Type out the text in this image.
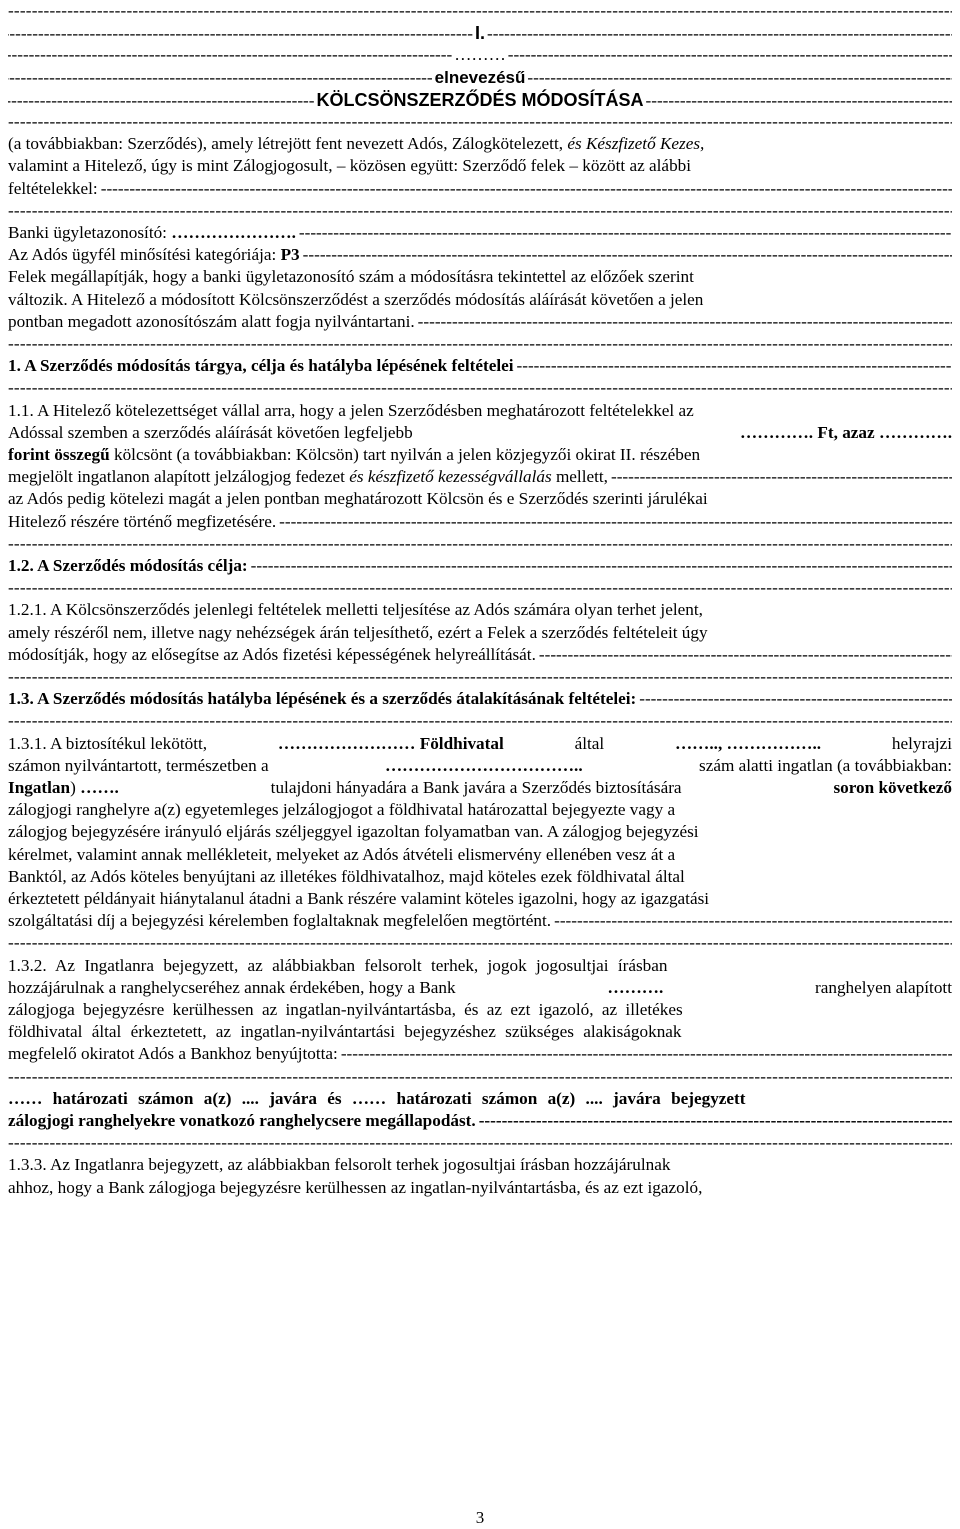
-----
-----
I.
-----
-----
………
-----
-----
elnevezésű
-----
-----
KÖLCSÖNSZERZŐDÉS MÓDOSÍTÁSA
-----
-----
(a továbbiakban: Szerződés), amely létrejött fent nevezett Adós, Zálogkötelezett, és Készfizető Kezes,
valamint a Hitelező, úgy is mint Zálogjogosult, – közösen együtt: Szerződő felek – között az alábbi
feltételekkel:
-----
-----
Banki ügyletazonosító: ………………….
-----
Az Adós ügyfél minősítési kategóriája: P3
-----
Felek megállapítják, hogy a banki ügyletazonosító szám a módosításra tekintettel az előzőek szerint
változik. A Hitelező a módosított Kölcsönszerződést a szerződés módosítás aláírását követően a jelen
pontban megadott azonosítószám alatt fogja nyilvántartani.
-----
-----
1. A Szerződés módosítás tárgya, célja és hatályba lépésének feltételei
-----
-----
1.1. A Hitelező kötelezettséget vállal arra, hogy a jelen Szerződésben meghatározott feltételekkel az
Adóssal szemben a szerződés aláírását követően legfeljebb	…………. Ft, azaz ………….
forint összegű kölcsönt (a továbbiakban: Kölcsön) tart nyilván a jelen közjegyzői okirat II. részében
megjelölt ingatlanon alapított jelzálogjog fedezet és készfizető kezességvállalás mellett,
-----
az Adós pedig kötelezi magát a jelen pontban meghatározott Kölcsön és e Szerződés szerinti járulékai
Hitelező részére történő megfizetésére.
-----
-----
1.2. A Szerződés módosítás célja:
-----
-----
1.2.1. A Kölcsönszerződés jelenlegi feltételek melletti teljesítése az Adós számára olyan terhet jelent,
amely részéről nem, illetve nagy nehézségek árán teljesíthető, ezért a Felek a szerződés feltételeit úgy
módosítják, hogy az elősegítse az Adós fizetési képességének helyreállítását.
-----
-----
1.3. A Szerződés módosítás hatályba lépésének és a szerződés átalakításának feltételei:
-----
-----
1.3.1. A biztosítékul lekötött,	…………………… Földhivatal	által	…….., ……………..	helyrajzi
számon nyilvántartott, természetben a	……………………………..	szám alatti ingatlan (a továbbiakban:
Ingatlan) …….	tulajdoni hányadára a Bank javára a Szerződés biztosítására	soron következő
zálogjogi ranghelyre a(z) egyetemleges jelzálogjogot a földhivatal határozattal bejegyezte vagy a
zálogjog bejegyzésére irányuló eljárás széljeggyel igazoltan folyamatban van. A zálogjog bejegyzési
kérelmet, valamint annak mellékleteit, melyeket az Adós átvételi elismervény ellenében vesz át a
Banktól, az Adós köteles benyújtani az illetékes földhivatalhoz, majd köteles ezek földhivatal által
érkeztetett példányait hiánytalanul átadni a Bank részére valamint köteles igazolni, hogy az igazgatási
szolgáltatási díj a bejegyzési kérelemben foglaltaknak megfelelően megtörtént.
-----
-----
1.3.2. Az Ingatlanra bejegyzett, az alábbiakban felsorolt terhek, jogok jogosultjai írásban
hozzájárulnak a ranghelycseréhez annak érdekében, hogy a Bank	……….	ranghelyen alapított
zálogjoga bejegyzésre kerülhessen az ingatlan-nyilvántartásba, és az ezt igazoló, az illetékes
földhivatal által érkeztetett, az ingatlan-nyilvántartási bejegyzéshez szükséges alakiságoknak
megfelelő okiratot Adós a Bankhoz benyújtotta:
-----
-----
…… határozati számon a(z) .... javára és …… határozati számon a(z) .... javára bejegyzett
zálogjogi ranghelyekre vonatkozó ranghelycsere megállapodást.
-----
-----
1.3.3. Az Ingatlanra bejegyzett, az alábbiakban felsorolt terhek jogosultjai írásban hozzájárulnak
ahhoz, hogy a Bank zálogjoga bejegyzésre kerülhessen az ingatlan-nyilvántartásba, és az ezt igazoló,
3
